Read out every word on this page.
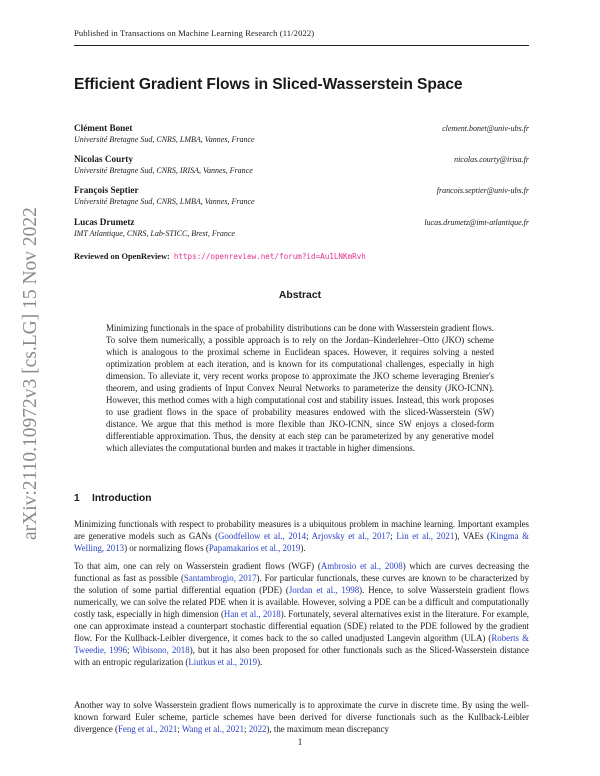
Published in Transactions on Machine Learning Research (11/2022)
arXiv:2110.10972v3 [cs.LG] 15 Nov 2022
Efficient Gradient Flows in Sliced-Wasserstein Space
Clément Bonet
Université Bretagne Sud, CNRS, LMBA, Vannes, France
clement.bonet@univ-ubs.fr
Nicolas Courty
Université Bretagne Sud, CNRS, IRISA, Vannes, France
nicolas.courty@irisa.fr
François Septier
Université Bretagne Sud, CNRS, LMBA, Vannes, France
francois.septier@univ-ubs.fr
Lucas Drumetz
IMT Atlantique, CNRS, Lab-STICC, Brest, France
lucas.drumetz@imt-atlantique.fr
Reviewed on OpenReview: https://openreview.net/forum?id=Au1LNKmRvh
Abstract
Minimizing functionals in the space of probability distributions can be done with Wasserstein gradient flows. To solve them numerically, a possible approach is to rely on the Jordan–Kinderlehrer–Otto (JKO) scheme which is analogous to the proximal scheme in Euclidean spaces. However, it requires solving a nested optimization problem at each iteration, and is known for its computational challenges, especially in high dimension. To alleviate it, very recent works propose to approximate the JKO scheme leveraging Brenier's theorem, and using gradients of Input Convex Neural Networks to parameterize the density (JKO-ICNN). However, this method comes with a high computational cost and stability issues. Instead, this work proposes to use gradient flows in the space of probability measures endowed with the sliced-Wasserstein (SW) distance. We argue that this method is more flexible than JKO-ICNN, since SW enjoys a closed-form differentiable approximation. Thus, the density at each step can be parameterized by any generative model which alleviates the computational burden and makes it tractable in higher dimensions.
1 Introduction
Minimizing functionals with respect to probability measures is a ubiquitous problem in machine learning. Important examples are generative models such as GANs (Goodfellow et al., 2014; Arjovsky et al., 2017; Lin et al., 2021), VAEs (Kingma & Welling, 2013) or normalizing flows (Papamakarios et al., 2019).
To that aim, one can rely on Wasserstein gradient flows (WGF) (Ambrosio et al., 2008) which are curves decreasing the functional as fast as possible (Santambrogio, 2017). For particular functionals, these curves are known to be characterized by the solution of some partial differential equation (PDE) (Jordan et al., 1998). Hence, to solve Wasserstein gradient flows numerically, we can solve the related PDE when it is available. However, solving a PDE can be a difficult and computationally costly task, especially in high dimension (Han et al., 2018). Fortunately, several alternatives exist in the literature. For example, one can approximate instead a counterpart stochastic differential equation (SDE) related to the PDE followed by the gradient flow. For the Kullback-Leibler divergence, it comes back to the so called unadjusted Langevin algorithm (ULA) (Roberts & Tweedie, 1996; Wibisono, 2018), but it has also been proposed for other functionals such as the Sliced-Wasserstein distance with an entropic regularization (Liutkus et al., 2019).
Another way to solve Wasserstein gradient flows numerically is to approximate the curve in discrete time. By using the well-known forward Euler scheme, particle schemes have been derived for diverse functionals such as the Kullback-Leibler divergence (Feng et al., 2021; Wang et al., 2021; 2022), the maximum mean discrepancy
1
